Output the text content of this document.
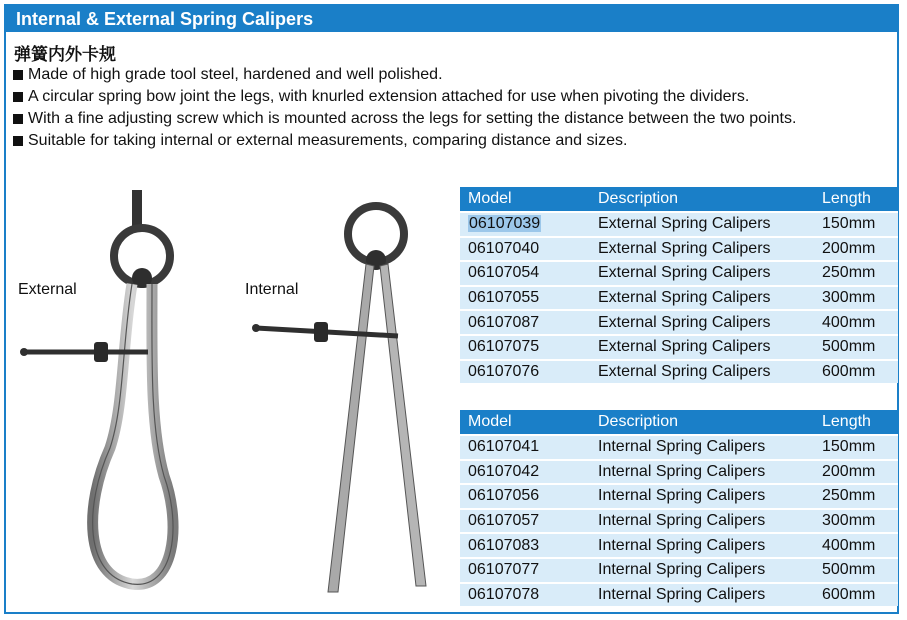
Internal & External Spring Calipers
弹簧内外卡规
Made of high grade tool steel, hardened and well polished.
A circular spring bow joint the legs, with knurled extension attached for use when pivoting the dividers.
With a fine adjusting screw which is mounted across the legs for setting the distance between the two points.
Suitable for taking internal or external measurements, comparing distance and sizes.
External	Internal
Model	Description	Length
06107039	External Spring Calipers	150mm
06107040	External Spring Calipers	200mm
06107054	External Spring Calipers	250mm
06107055	External Spring Calipers	300mm
06107087	External Spring Calipers	400mm
06107075	External Spring Calipers	500mm
06107076	External Spring Calipers	600mm
Model	Description	Length
06107041	Internal Spring Calipers	150mm
06107042	Internal Spring Calipers	200mm
06107056	Internal Spring Calipers	250mm
06107057	Internal Spring Calipers	300mm
06107083	Internal Spring Calipers	400mm
06107077	Internal Spring Calipers	500mm
06107078	Internal Spring Calipers	600mm
